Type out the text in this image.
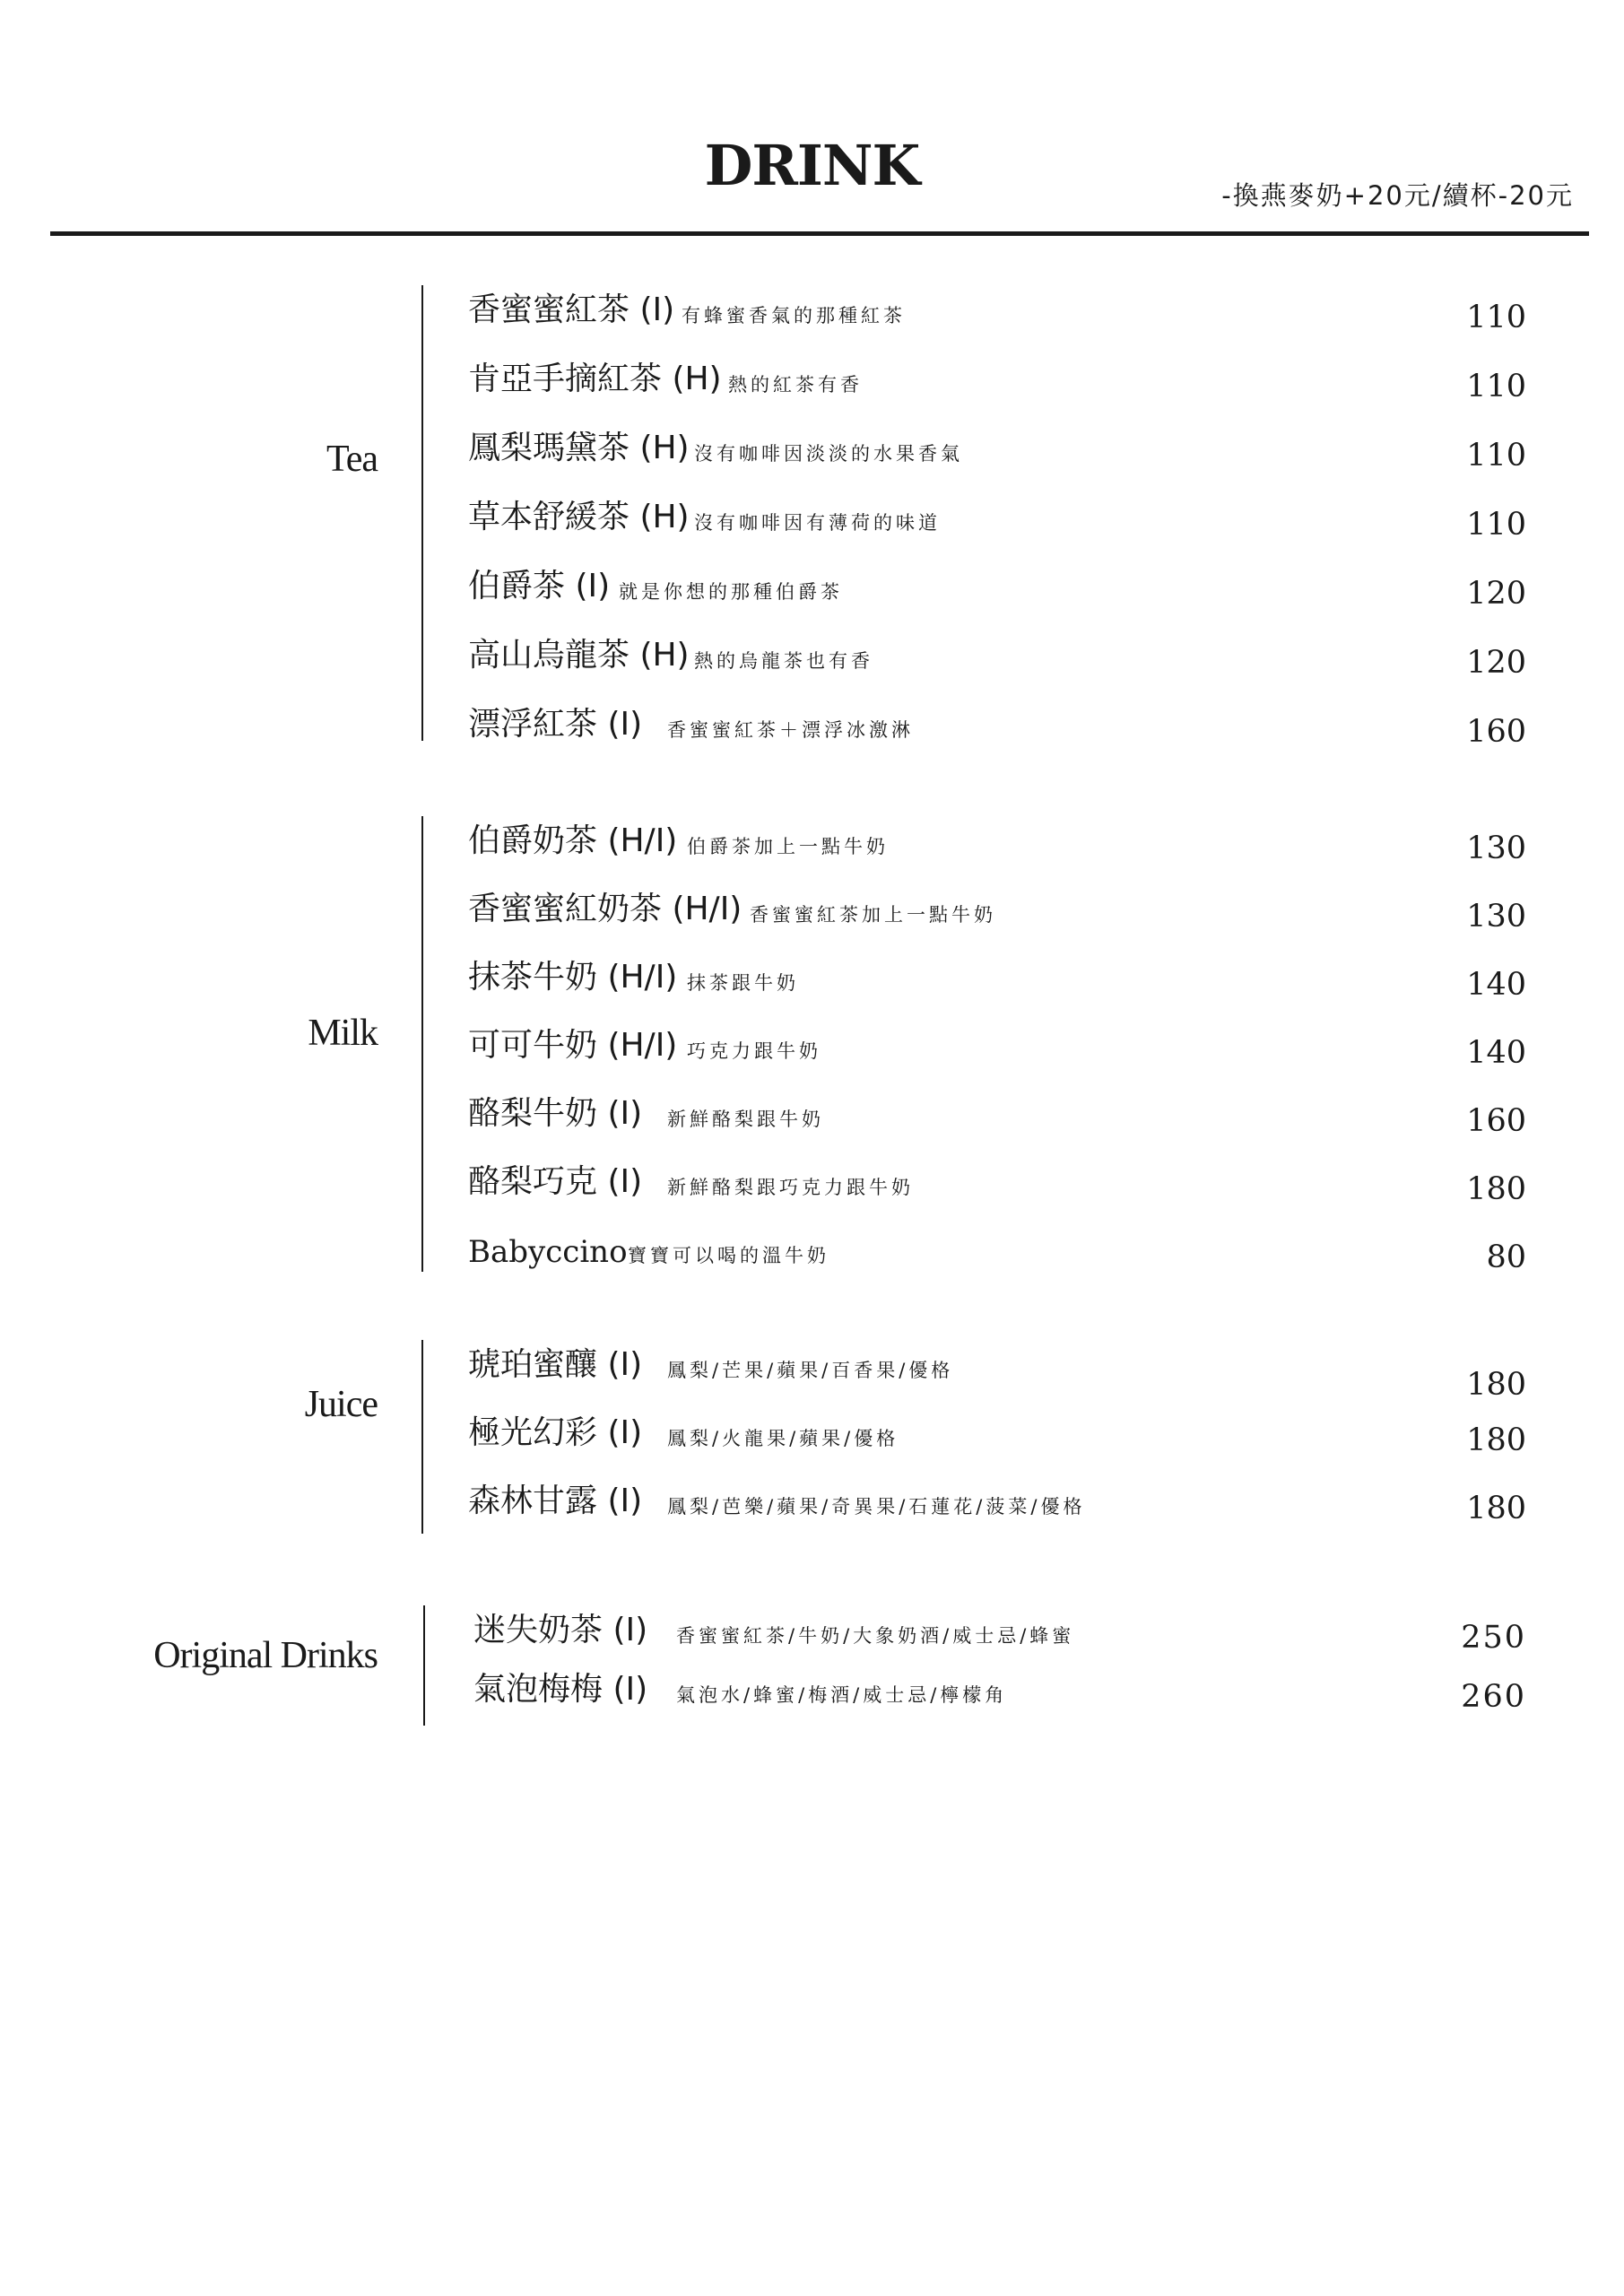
DRINK	-換燕麥奶+20元/續杯-20元
Tea
香蜜蜜紅茶 (I) 有蜂蜜香氣的那種紅茶	110
肯亞手摘紅茶 (H) 熱的紅茶有香	110
鳳梨瑪黛茶 (H) 沒有咖啡因淡淡的水果香氣	110
草本舒緩茶 (H) 沒有咖啡因有薄荷的味道	110
伯爵茶 (I) 就是你想的那種伯爵茶	120
高山烏龍茶 (H) 熱的烏龍茶也有香	120
漂浮紅茶 (I) 香蜜蜜紅茶＋漂浮冰激淋	160
Milk
伯爵奶茶 (H/I) 伯爵茶加上一點牛奶	130
香蜜蜜紅奶茶 (H/I) 香蜜蜜紅茶加上一點牛奶	130
抹茶牛奶 (H/I) 抹茶跟牛奶	140
可可牛奶 (H/I) 巧克力跟牛奶	140
酪梨牛奶 (I) 新鮮酪梨跟牛奶	160
酪梨巧克 (I) 新鮮酪梨跟巧克力跟牛奶	180
Babyccino 寶寶可以喝的溫牛奶	80
Juice
琥珀蜜釀 (I) 鳳梨/芒果/蘋果/百香果/優格	180
極光幻彩 (I) 鳳梨/火龍果/蘋果/優格	180
森林甘露 (I) 鳳梨/芭樂/蘋果/奇異果/石蓮花/菠菜/優格	180
Original Drinks
迷失奶茶 (I) 香蜜蜜紅茶/牛奶/大象奶酒/威士忌/蜂蜜	250
氣泡梅梅 (I) 氣泡水/蜂蜜/梅酒/威士忌/檸檬角	260
